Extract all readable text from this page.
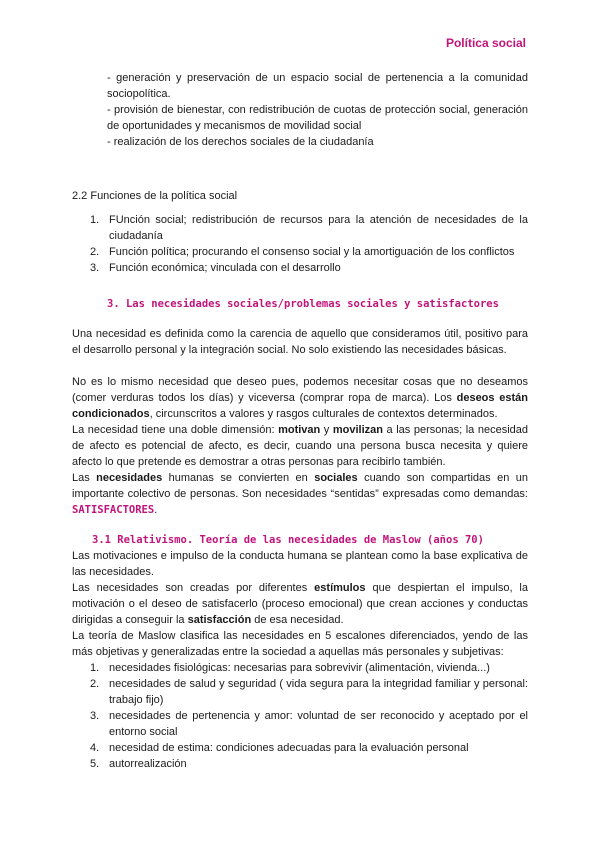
Política social

- generación y preservación de un espacio social de pertenencia a la comunidad sociopolítica.

- provisión de bienestar, con redistribución de cuotas de protección social, generación de oportunidades y mecanismos de movilidad social

- realización de los derechos sociales de la ciudadanía

2.2 Funciones de la política social

1. FUnción social; redistribución de recursos para la atención de necesidades de la ciudadanía
2. Función política; procurando el consenso social y la amortiguación de los conflictos
3. Función económica; vinculada con el desarrollo

3. Las necesidades sociales/problemas sociales y satisfactores

Una necesidad es definida como la carencia de aquello que consideramos útil, positivo para el desarrollo personal y la integración social. No solo existiendo las necesidades básicas.

No es lo mismo necesidad que deseo pues, podemos necesitar cosas que no deseamos (comer verduras todos los días) y viceversa (comprar ropa de marca). Los deseos están condicionados, circunscritos a valores y rasgos culturales de contextos determinados.

La necesidad tiene una doble dimensión: motivan y movilizan a las personas; la necesidad de afecto es potencial de afecto, es decir, cuando una persona busca necesita y quiere afecto lo que pretende es demostrar a otras personas para recibirlo también.

Las necesidades humanas se convierten en sociales cuando son compartidas en un importante colectivo de personas. Son necesidades “sentidas” expresadas como demandas: SATISFACTORES.

3.1 Relativismo. Teoría de las necesidades de Maslow (años 70)

Las motivaciones e impulso de la conducta humana se plantean como la base explicativa de las necesidades.

Las necesidades son creadas por diferentes estímulos que despiertan el impulso, la motivación o el deseo de satisfacerlo (proceso emocional) que crean acciones y conductas dirigidas a conseguir la satisfacción de esa necesidad.

La teoría de Maslow clasifica las necesidades en 5 escalones diferenciados, yendo de las más objetivas y generalizadas entre la sociedad a aquellas más personales y subjetivas:

1. necesidades fisiológicas: necesarias para sobrevivir (alimentación, vivienda...)
2. necesidades de salud y seguridad ( vida segura para la integridad familiar y personal: trabajo fijo)
3. necesidades de pertenencia y amor: voluntad de ser reconocido y aceptado por el entorno social
4. necesidad de estima: condiciones adecuadas para la evaluación personal
5. autorrealización
